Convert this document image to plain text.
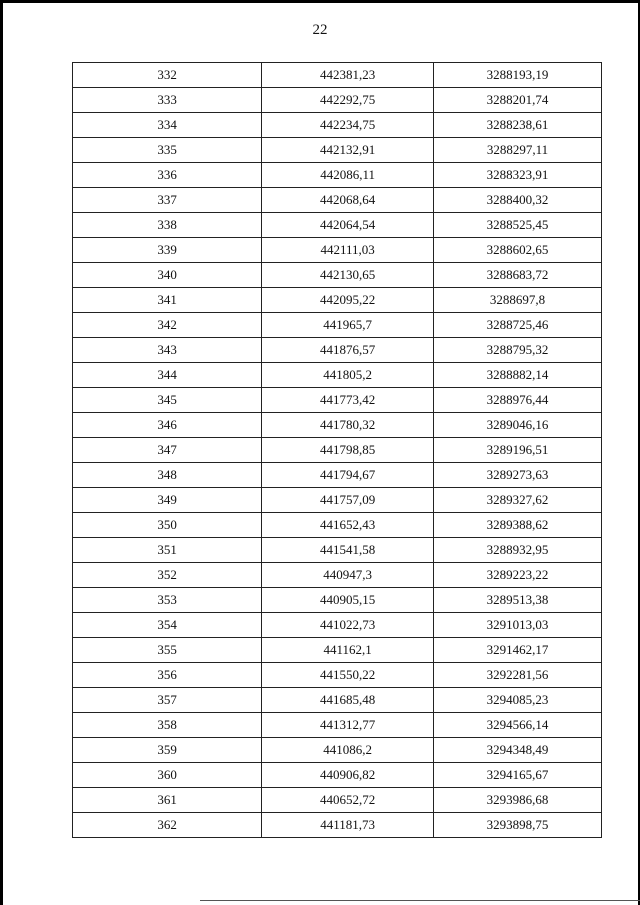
22
332	442381,23	3288193,19
333	442292,75	3288201,74
334	442234,75	3288238,61
335	442132,91	3288297,11
336	442086,11	3288323,91
337	442068,64	3288400,32
338	442064,54	3288525,45
339	442111,03	3288602,65
340	442130,65	3288683,72
341	442095,22	3288697,8
342	441965,7	3288725,46
343	441876,57	3288795,32
344	441805,2	3288882,14
345	441773,42	3288976,44
346	441780,32	3289046,16
347	441798,85	3289196,51
348	441794,67	3289273,63
349	441757,09	3289327,62
350	441652,43	3289388,62
351	441541,58	3288932,95
352	440947,3	3289223,22
353	440905,15	3289513,38
354	441022,73	3291013,03
355	441162,1	3291462,17
356	441550,22	3292281,56
357	441685,48	3294085,23
358	441312,77	3294566,14
359	441086,2	3294348,49
360	440906,82	3294165,67
361	440652,72	3293986,68
362	441181,73	3293898,75
